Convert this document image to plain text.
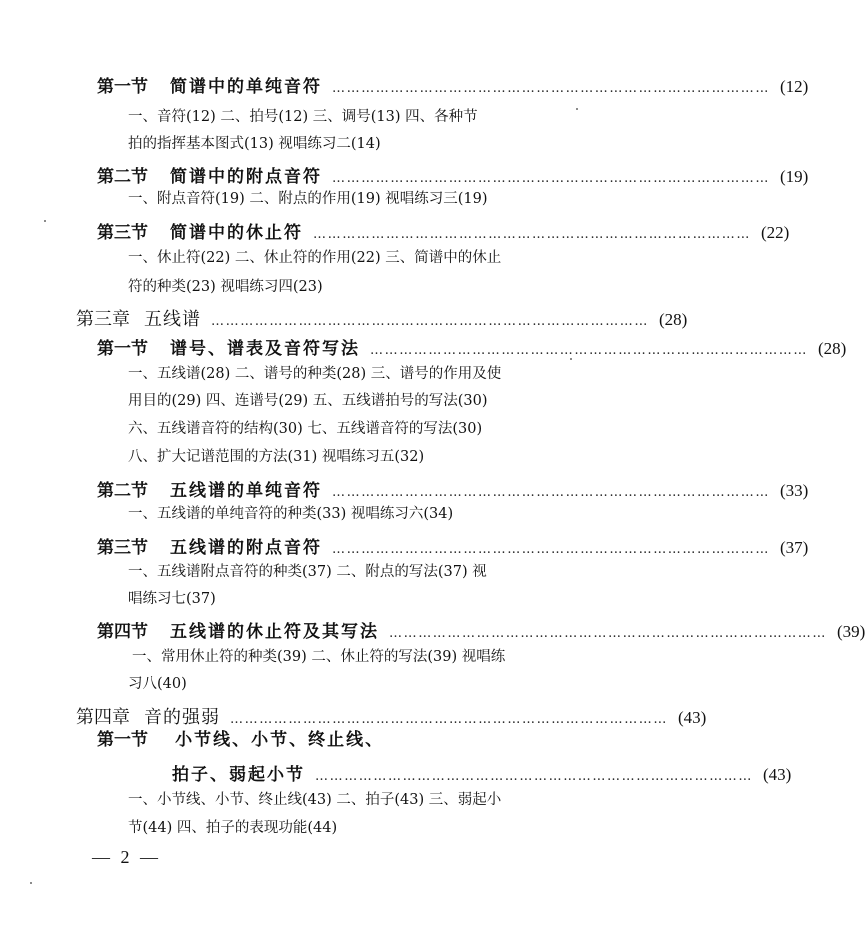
第一节 简谱中的单纯音符 ……………………………………………………………………………… (12)
一、音符(12) 二、拍号(12) 三、调号(13) 四、各种节
拍的指挥基本图式(13) 视唱练习二(14)
第二节 简谱中的附点音符 ……………………………………………………………………………… (19)
一、附点音符(19) 二、附点的作用(19) 视唱练习三(19)
第三节 简谱中的休止符 ……………………………………………………………………………… (22)
一、休止符(22) 二、休止符的作用(22) 三、简谱中的休止
符的种类(23) 视唱练习四(23)
第三章 五线谱 ……………………………………………………………………………… (28)
第一节 谱号、谱表及音符写法 ……………………………………………………………………………… (28)
一、五线谱(28) 二、谱号的种类(28) 三、谱号的作用及使
用目的(29) 四、连谱号(29) 五、五线谱拍号的写法(30)
六、五线谱音符的结构(30) 七、五线谱音符的写法(30)
八、扩大记谱范围的方法(31) 视唱练习五(32)
第二节 五线谱的单纯音符 ……………………………………………………………………………… (33)
一、五线谱的单纯音符的种类(33) 视唱练习六(34)
第三节 五线谱的附点音符 ……………………………………………………………………………… (37)
一、五线谱附点音符的种类(37) 二、附点的写法(37) 视
唱练习七(37)
第四节 五线谱的休止符及其写法 ……………………………………………………………………………… (39)
一、常用休止符的种类(39) 二、休止符的写法(39) 视唱练
习八(40)
第四章 音的强弱 ……………………………………………………………………………… (43)
第一节 小节线、小节、终止线、
拍子、弱起小节 ……………………………………………………………………………… (43)
一、小节线、小节、终止线(43) 二、拍子(43) 三、弱起小
节(44) 四、拍子的表现功能(44)
— 2 —
